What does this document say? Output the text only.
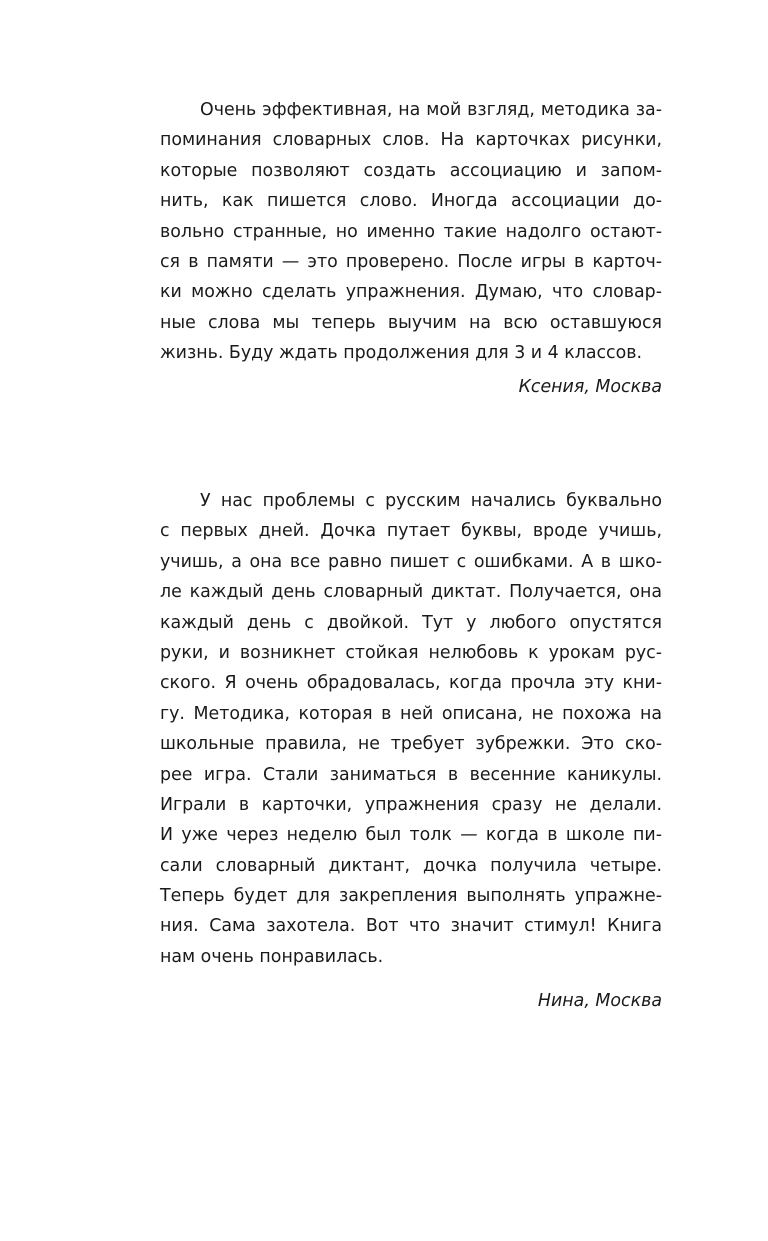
Очень эффективная, на мой взгляд, методика за-
поминания словарных слов. На карточках рисунки,
которые позволяют создать ассоциацию и запом-
нить, как пишется слово. Иногда ассоциации до-
вольно странные, но именно такие надолго остают-
ся в памяти — это проверено. После игры в карточ-
ки можно сделать упражнения. Думаю, что словар-
ные слова мы теперь выучим на всю оставшуюся
жизнь. Буду ждать продолжения для 3 и 4 классов.
Ксения, Москва
У нас проблемы с русским начались буквально
с первых дней. Дочка путает буквы, вроде учишь,
учишь, а она все равно пишет с ошибками. А в шко-
ле каждый день словарный диктат. Получается, она
каждый день с двойкой. Тут у любого опустятся
руки, и возникнет стойкая нелюбовь к урокам рус-
ского. Я очень обрадовалась, когда прочла эту кни-
гу. Методика, которая в ней описана, не похожа на
школьные правила, не требует зубрежки. Это ско-
рее игра. Стали заниматься в весенние каникулы.
Играли в карточки, упражнения сразу не делали.
И уже через неделю был толк — когда в школе пи-
сали словарный диктант, дочка получила четыре.
Теперь будет для закрепления выполнять упражне-
ния. Сама захотела. Вот что значит стимул! Книга
нам очень понравилась.
Нина, Москва
